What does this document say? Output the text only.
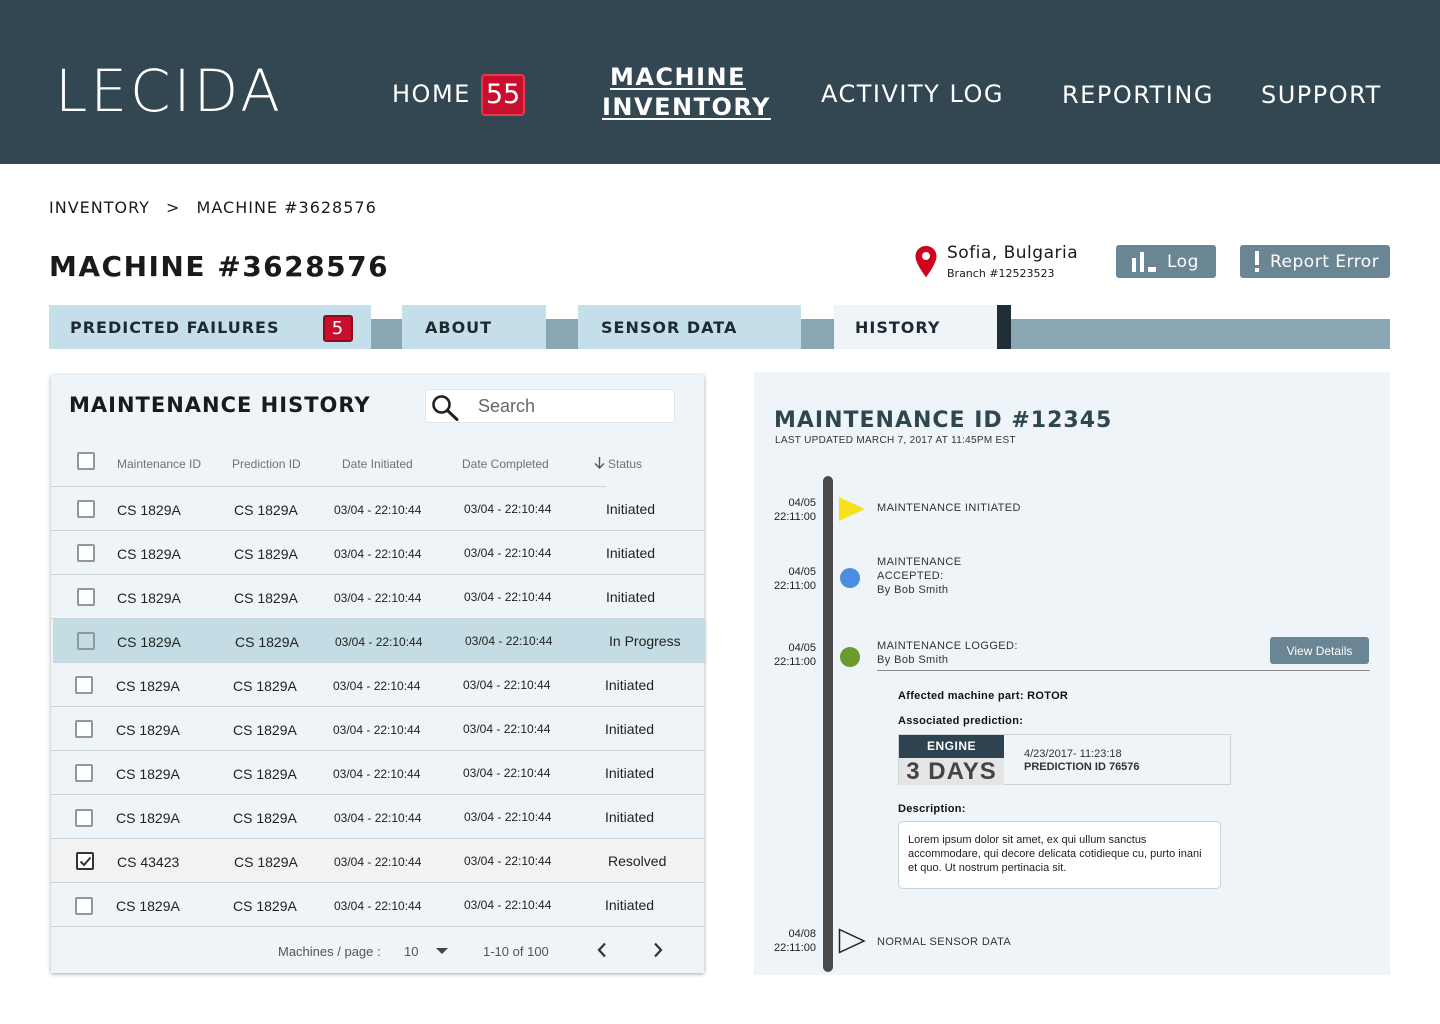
LECIDA	HOME 55
MACHINE
INVENTORY ACTIVITY LOG REPORTING SUPPORT
INVENTORY > MACHINE #3628576
MACHINE #3628576	Sofia, Bulgaria
Branch #12523523
Log	Report Error
PREDICTED FAILURES	5	ABOUT	SENSOR DATA	HISTORY
MAINTENANCE HISTORY
Search
Maintenance ID	Prediction ID	Date Initiated	Date Completed	Status
CS 1829A	CS 1829A	03/04 - 22:10:44	03/04 - 22:10:44	Initiated
CS 1829A	CS 1829A	03/04 - 22:10:44	03/04 - 22:10:44	Initiated
CS 1829A	CS 1829A	03/04 - 22:10:44	03/04 - 22:10:44	Initiated
CS 1829A	CS 1829A	03/04 - 22:10:44	03/04 - 22:10:44	In Progress
CS 1829A	CS 1829A	03/04 - 22:10:44	03/04 - 22:10:44	Initiated
CS 1829A	CS 1829A	03/04 - 22:10:44	03/04 - 22:10:44	Initiated
CS 1829A	CS 1829A	03/04 - 22:10:44	03/04 - 22:10:44	Initiated
CS 1829A	CS 1829A	03/04 - 22:10:44	03/04 - 22:10:44	Initiated
CS 43423	CS 1829A	03/04 - 22:10:44	03/04 - 22:10:44	Resolved
CS 1829A	CS 1829A	03/04 - 22:10:44	03/04 - 22:10:44	Initiated
Machines / page : 10	1-10 of 100
MAINTENANCE ID #12345
LAST UPDATED MARCH 7, 2017 AT 11:45PM EST
04/05
22:11:00
MAINTENANCE INITIATED
04/05
22:11:00
MAINTENANCE
ACCEPTED:
By Bob Smith
04/05
22:11:00
MAINTENANCE LOGGED:
By Bob Smith
View Details
Affected machine part: ROTOR
Associated prediction:
ENGINE
3 DAYS
4/23/2017- 11:23:18
PREDICTION ID 76576
Description:
Lorem ipsum dolor sit amet, ex qui ullum sanctus accommodare, qui decore delicata cotidieque cu, purto inani et quo. Ut nostrum pertinacia sit.
04/08
22:11:00	NORMAL SENSOR DATA
